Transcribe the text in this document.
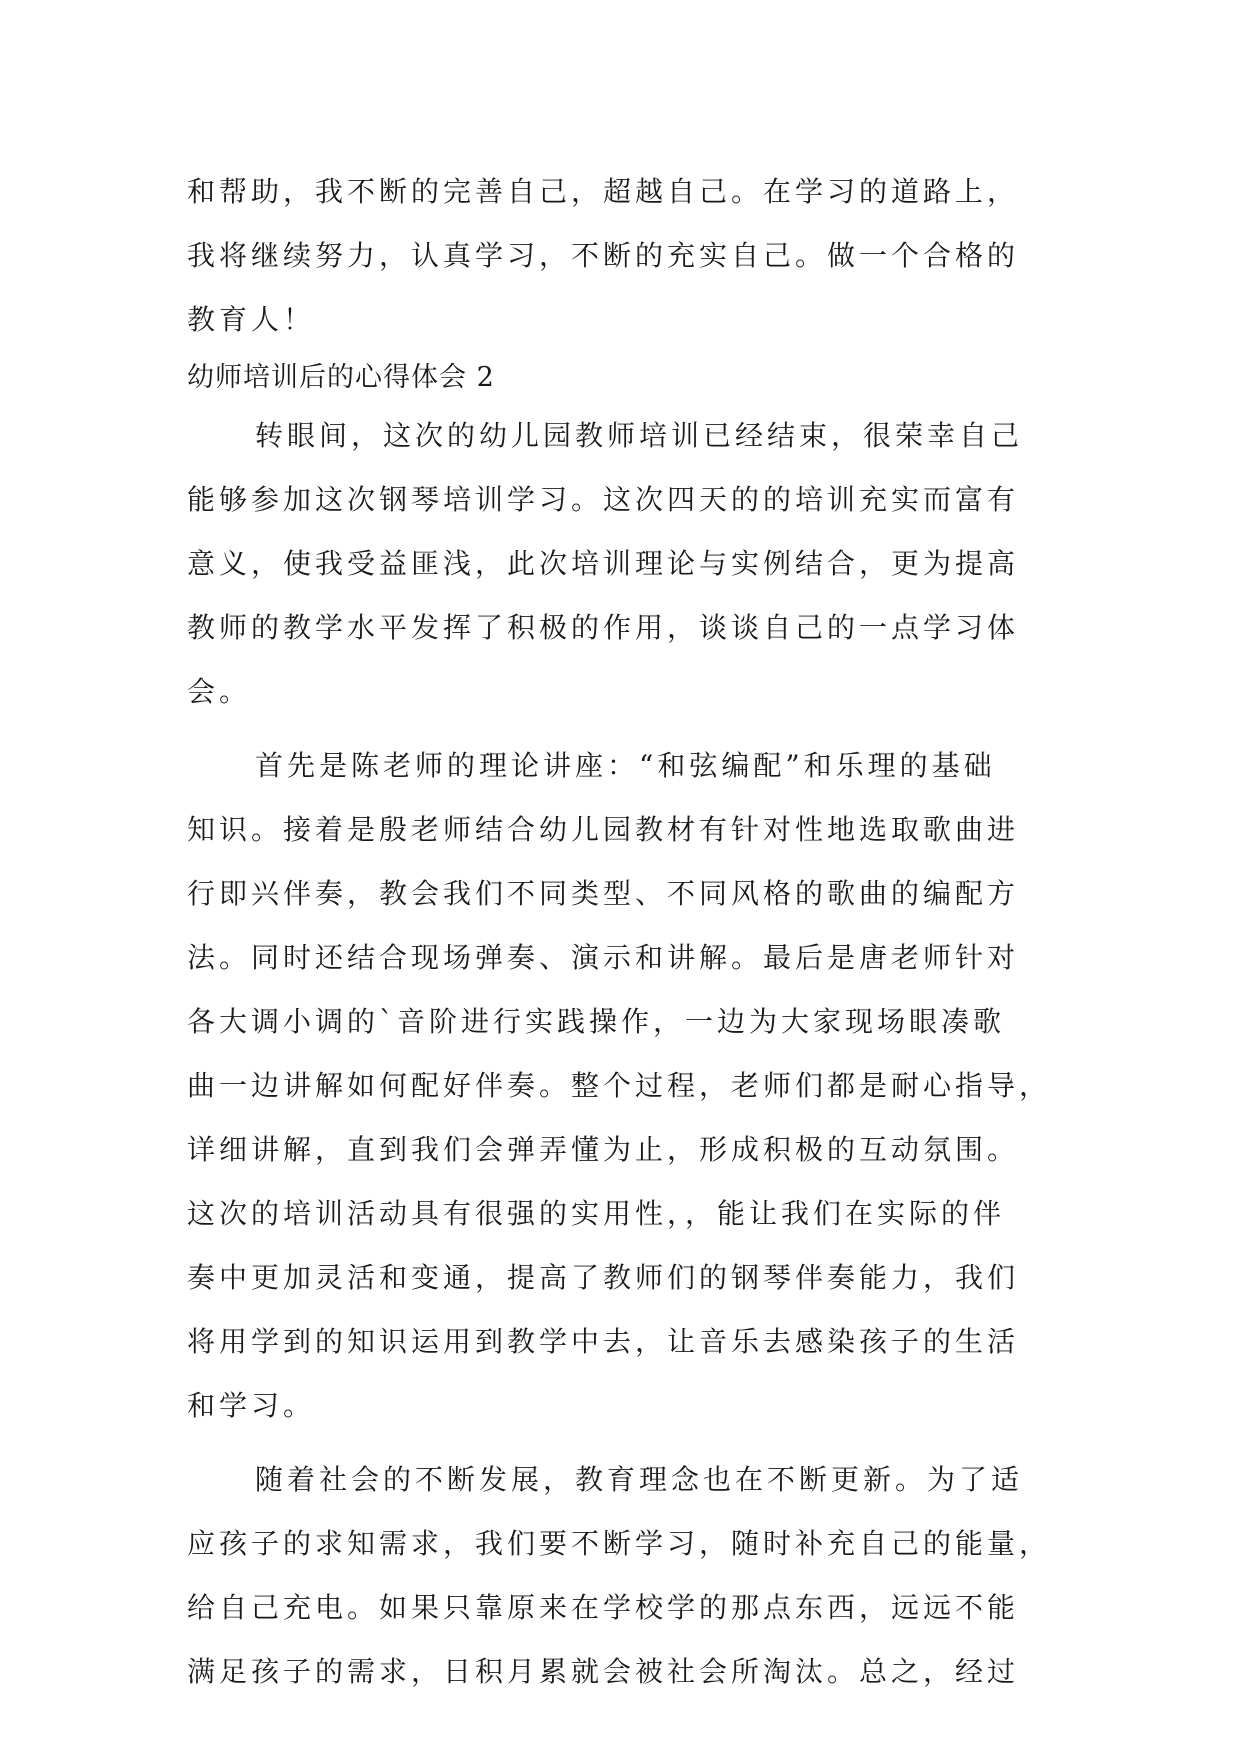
和帮助，我不断的完善自己，超越自己。在学习的道路上，
我将继续努力，认真学习，不断的充实自己。做一个合格的
教育人！
幼师培训后的心得体会 2
转眼间，这次的幼儿园教师培训已经结束，很荣幸自己
能够参加这次钢琴培训学习。这次四天的的培训充实而富有
意义，使我受益匪浅，此次培训理论与实例结合，更为提高
教师的教学水平发挥了积极的作用，谈谈自己的一点学习体
会。
首先是陈老师的理论讲座：“和弦编配”和乐理的基础
知识。接着是殷老师结合幼儿园教材有针对性地选取歌曲进
行即兴伴奏，教会我们不同类型、不同风格的歌曲的编配方
法。同时还结合现场弹奏、演示和讲解。最后是唐老师针对
各大调小调的`音阶进行实践操作，一边为大家现场眼凑歌
曲一边讲解如何配好伴奏。整个过程，老师们都是耐心指导，
详细讲解，直到我们会弹弄懂为止，形成积极的互动氛围。
这次的培训活动具有很强的实用性，，能让我们在实际的伴
奏中更加灵活和变通，提高了教师们的钢琴伴奏能力，我们
将用学到的知识运用到教学中去，让音乐去感染孩子的生活
和学习。
随着社会的不断发展，教育理念也在不断更新。为了适
应孩子的求知需求，我们要不断学习，随时补充自己的能量，
给自己充电。如果只靠原来在学校学的那点东西，远远不能
满足孩子的需求，日积月累就会被社会所淘汰。总之，经过
